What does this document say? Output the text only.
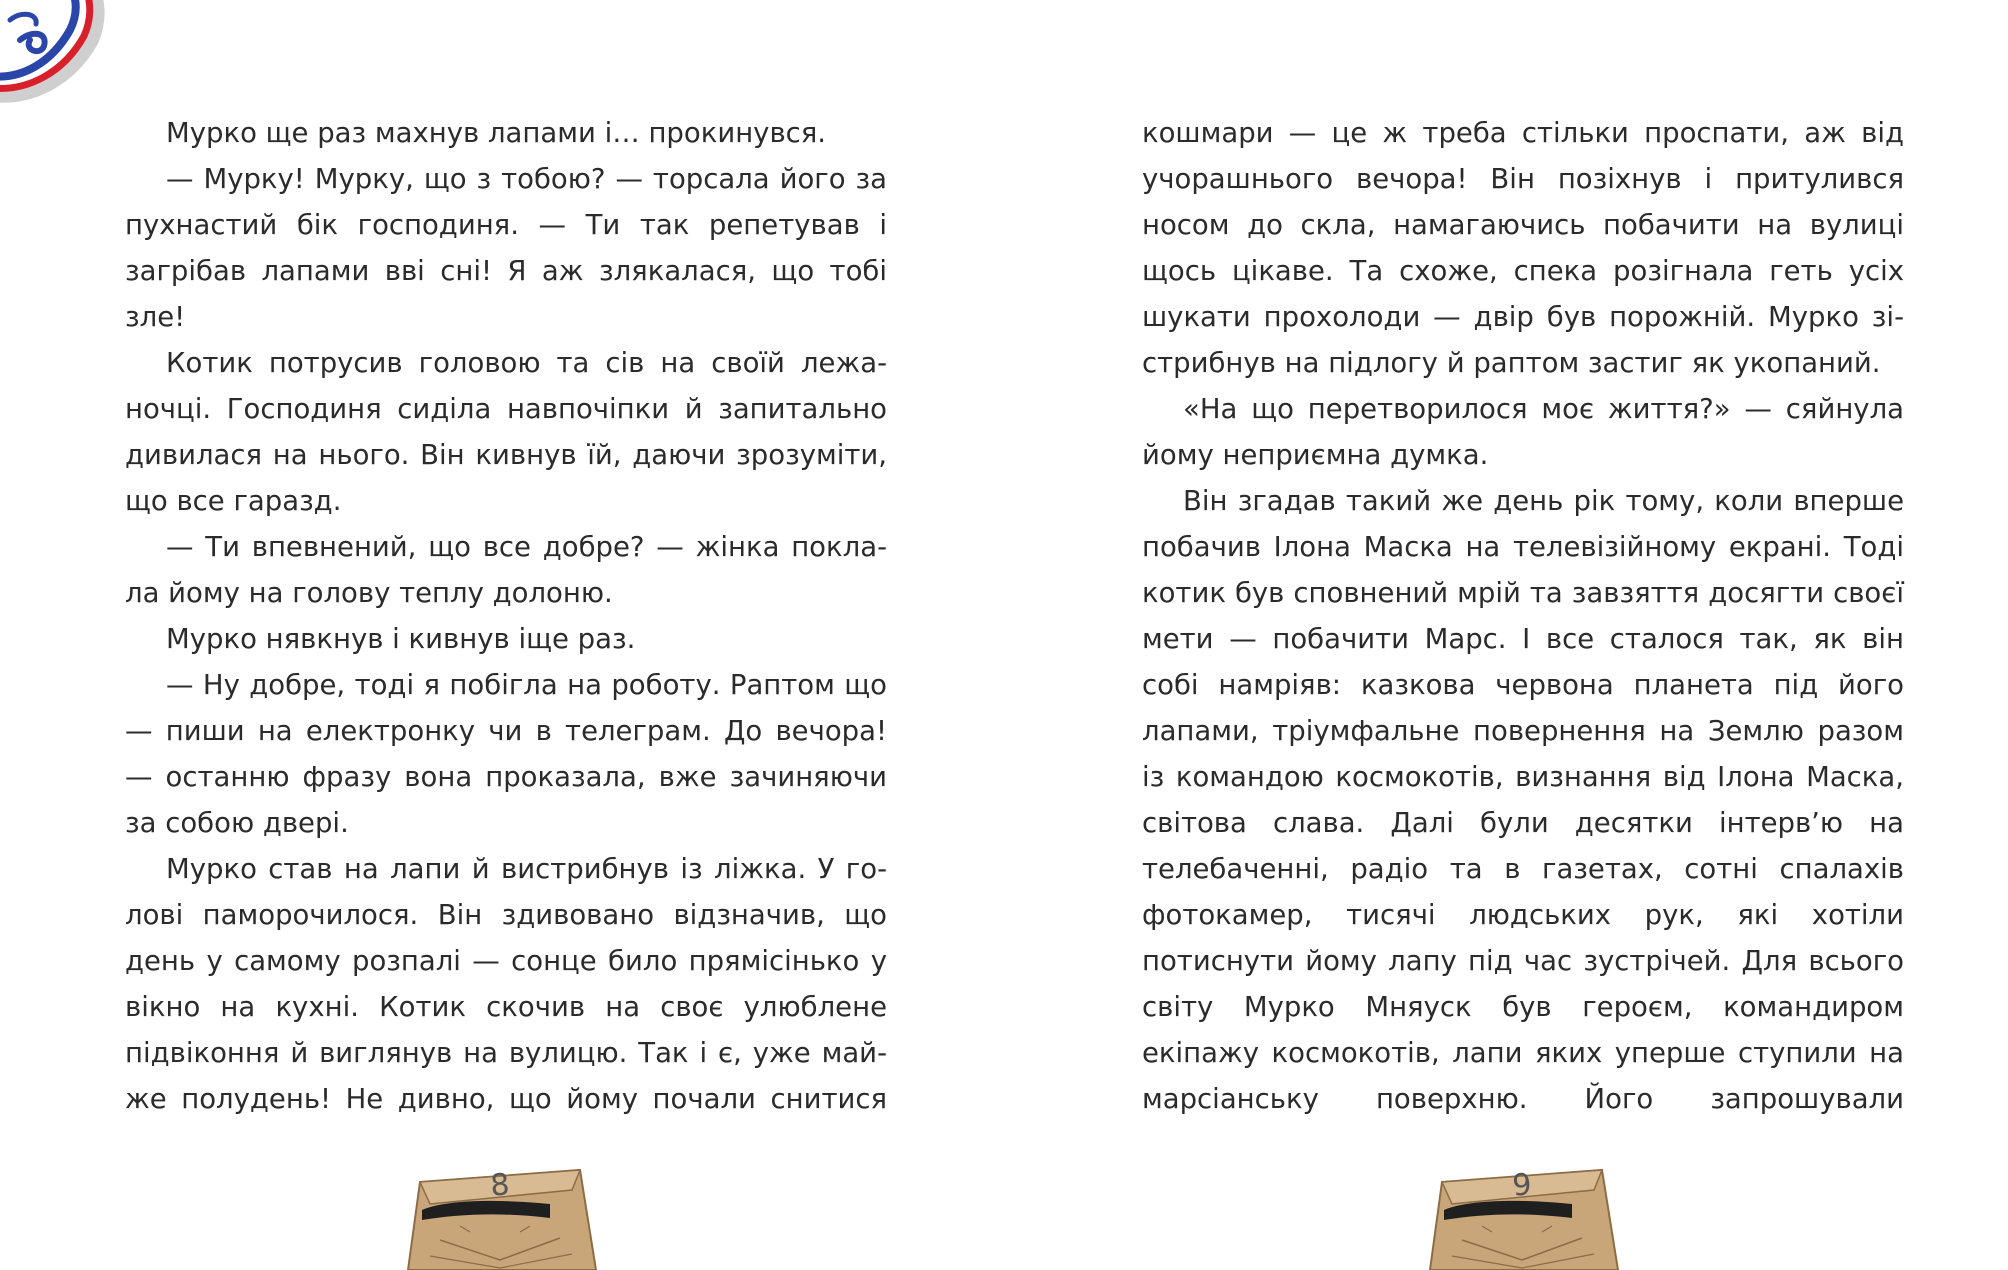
Мурко ще раз махнув лапами і… прокинувся.

— Мурку! Мурку, що з тобою? — торсала його за пухнастий бік господиня. — Ти так репетував і загрібав лапами вві сні! Я аж злякалася, що тобі зле!

Котик потрусив головою та сів на своїй лежаночці. Господиня сиділа навпочіпки й запитально дивилася на нього. Він кивнув їй, даючи зрозуміти, що все гаразд.

— Ти впевнений, що все добре? — жінка поклала йому на голову теплу долоню.

Мурко нявкнув і кивнув іще раз.

— Ну добре, тоді я побігла на роботу. Раптом що — пиши на електронку чи в телеграм. До вечора! — останню фразу вона проказала, вже зачиняючи за собою двері.

Мурко став на лапи й вистрибнув із ліжка. У голові паморочилося. Він здивовано відзначив, що день у самому розпалі — сонце било прямісінько у вікно на кухні. Котик скочив на своє улюблене підвіконня й виглянув на вулицю. Так і є, уже майже полудень! Не дивно, що йому почали снитися

8

кошмари — це ж треба стільки проспати, аж від учорашнього вечора! Він позіхнув і притулився носом до скла, намагаючись побачити на вулиці щось цікаве. Та схоже, спека розігнала геть усіх шукати прохолоди — двір був порожній. Мурко зістрибнув на підлогу й раптом застиг як укопаний.

«На що перетворилося моє життя?» — сяйнула йому неприємна думка.

Він згадав такий же день рік тому, коли вперше побачив Ілона Маска на телевізійному екрані. Тоді котик був сповнений мрій та завзяття досягти своєї мети — побачити Марс. І все сталося так, як він собі намріяв: казкова червона планета під його лапами, тріумфальне повернення на Землю разом із командою космокотів, визнання від Ілона Маска, світова слава. Далі були десятки інтерв’ю на телебаченні, радіо та в газетах, сотні спалахів фотокамер, тисячі людських рук, які хотіли потиснути йому лапу під час зустрічей. Для всього світу Мурко Мняуск був героєм, командиром екіпажу космокотів, лапи яких уперше ступили на марсіанську поверхню. Його запрошували

9
